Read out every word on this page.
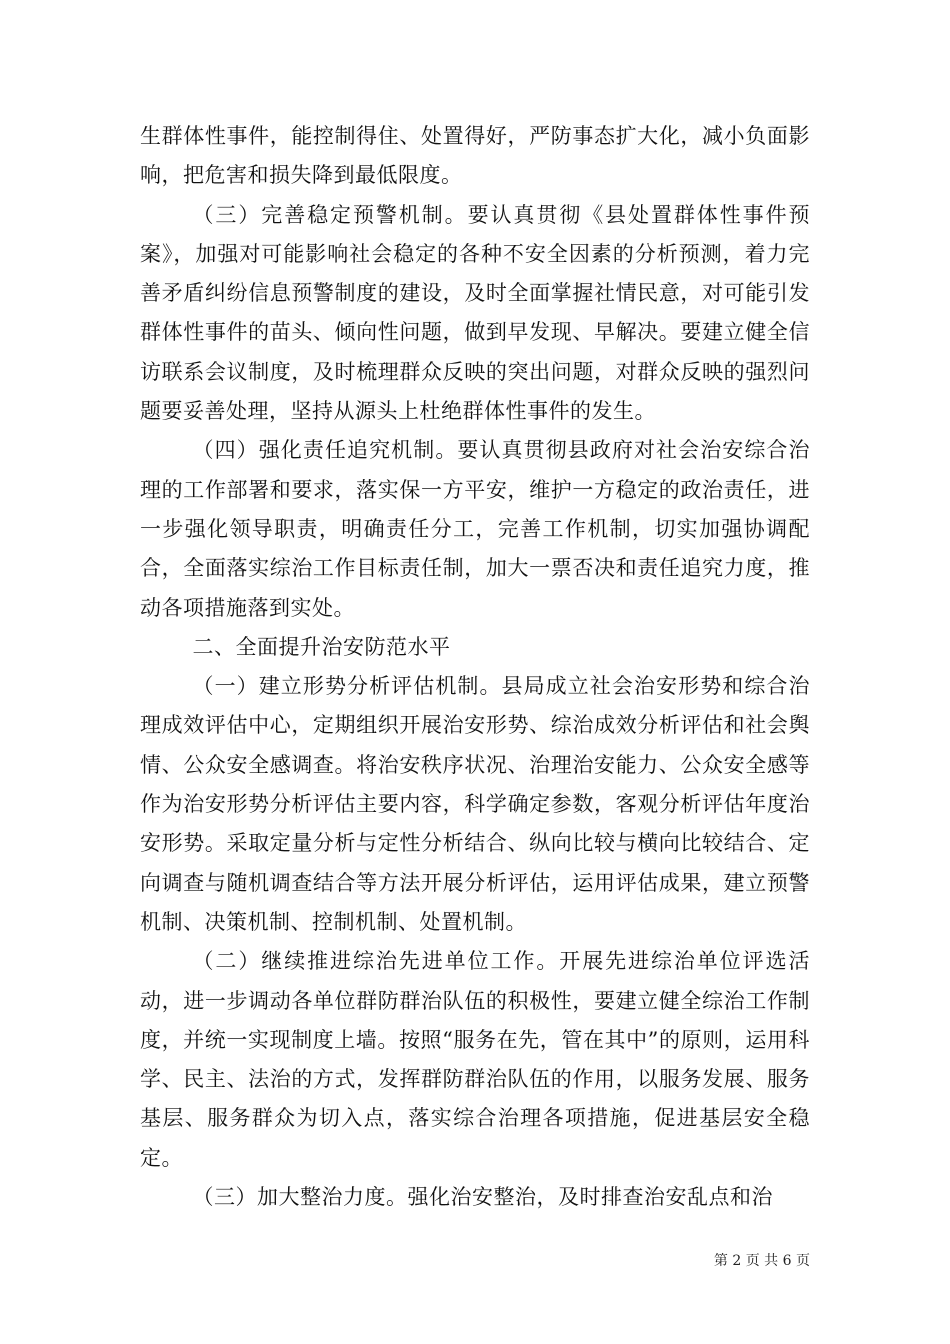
生群体性事件，能控制得住、处置得好，严防事态扩大化，减小负面影响，把危害和损失降到最低限度。

（三）完善稳定预警机制。要认真贯彻《县处置群体性事件预案》，加强对可能影响社会稳定的各种不安全因素的分析预测，着力完善矛盾纠纷信息预警制度的建设，及时全面掌握社情民意，对可能引发群体性事件的苗头、倾向性问题，做到早发现、早解决。要建立健全信访联系会议制度，及时梳理群众反映的突出问题，对群众反映的强烈问题要妥善处理，坚持从源头上杜绝群体性事件的发生。

（四）强化责任追究机制。要认真贯彻县政府对社会治安综合治理的工作部署和要求，落实保一方平安，维护一方稳定的政治责任，进一步强化领导职责，明确责任分工，完善工作机制，切实加强协调配合，全面落实综治工作目标责任制，加大一票否决和责任追究力度，推动各项措施落到实处。

二、全面提升治安防范水平

（一）建立形势分析评估机制。县局成立社会治安形势和综合治理成效评估中心，定期组织开展治安形势、综治成效分析评估和社会舆情、公众安全感调查。将治安秩序状况、治理治安能力、公众安全感等作为治安形势分析评估主要内容，科学确定参数，客观分析评估年度治安形势。采取定量分析与定性分析结合、纵向比较与横向比较结合、定向调查与随机调查结合等方法开展分析评估，运用评估成果，建立预警机制、决策机制、控制机制、处置机制。

（二）继续推进综治先进单位工作。开展先进综治单位评选活动，进一步调动各单位群防群治队伍的积极性，要建立健全综治工作制度，并统一实现制度上墙。按照“服务在先，管在其中”的原则，运用科学、民主、法治的方式，发挥群防群治队伍的作用，以服务发展、服务基层、服务群众为切入点，落实综合治理各项措施，促进基层安全稳定。

（三）加大整治力度。强化治安整治，及时排查治安乱点和治

第 2 页 共 6 页
